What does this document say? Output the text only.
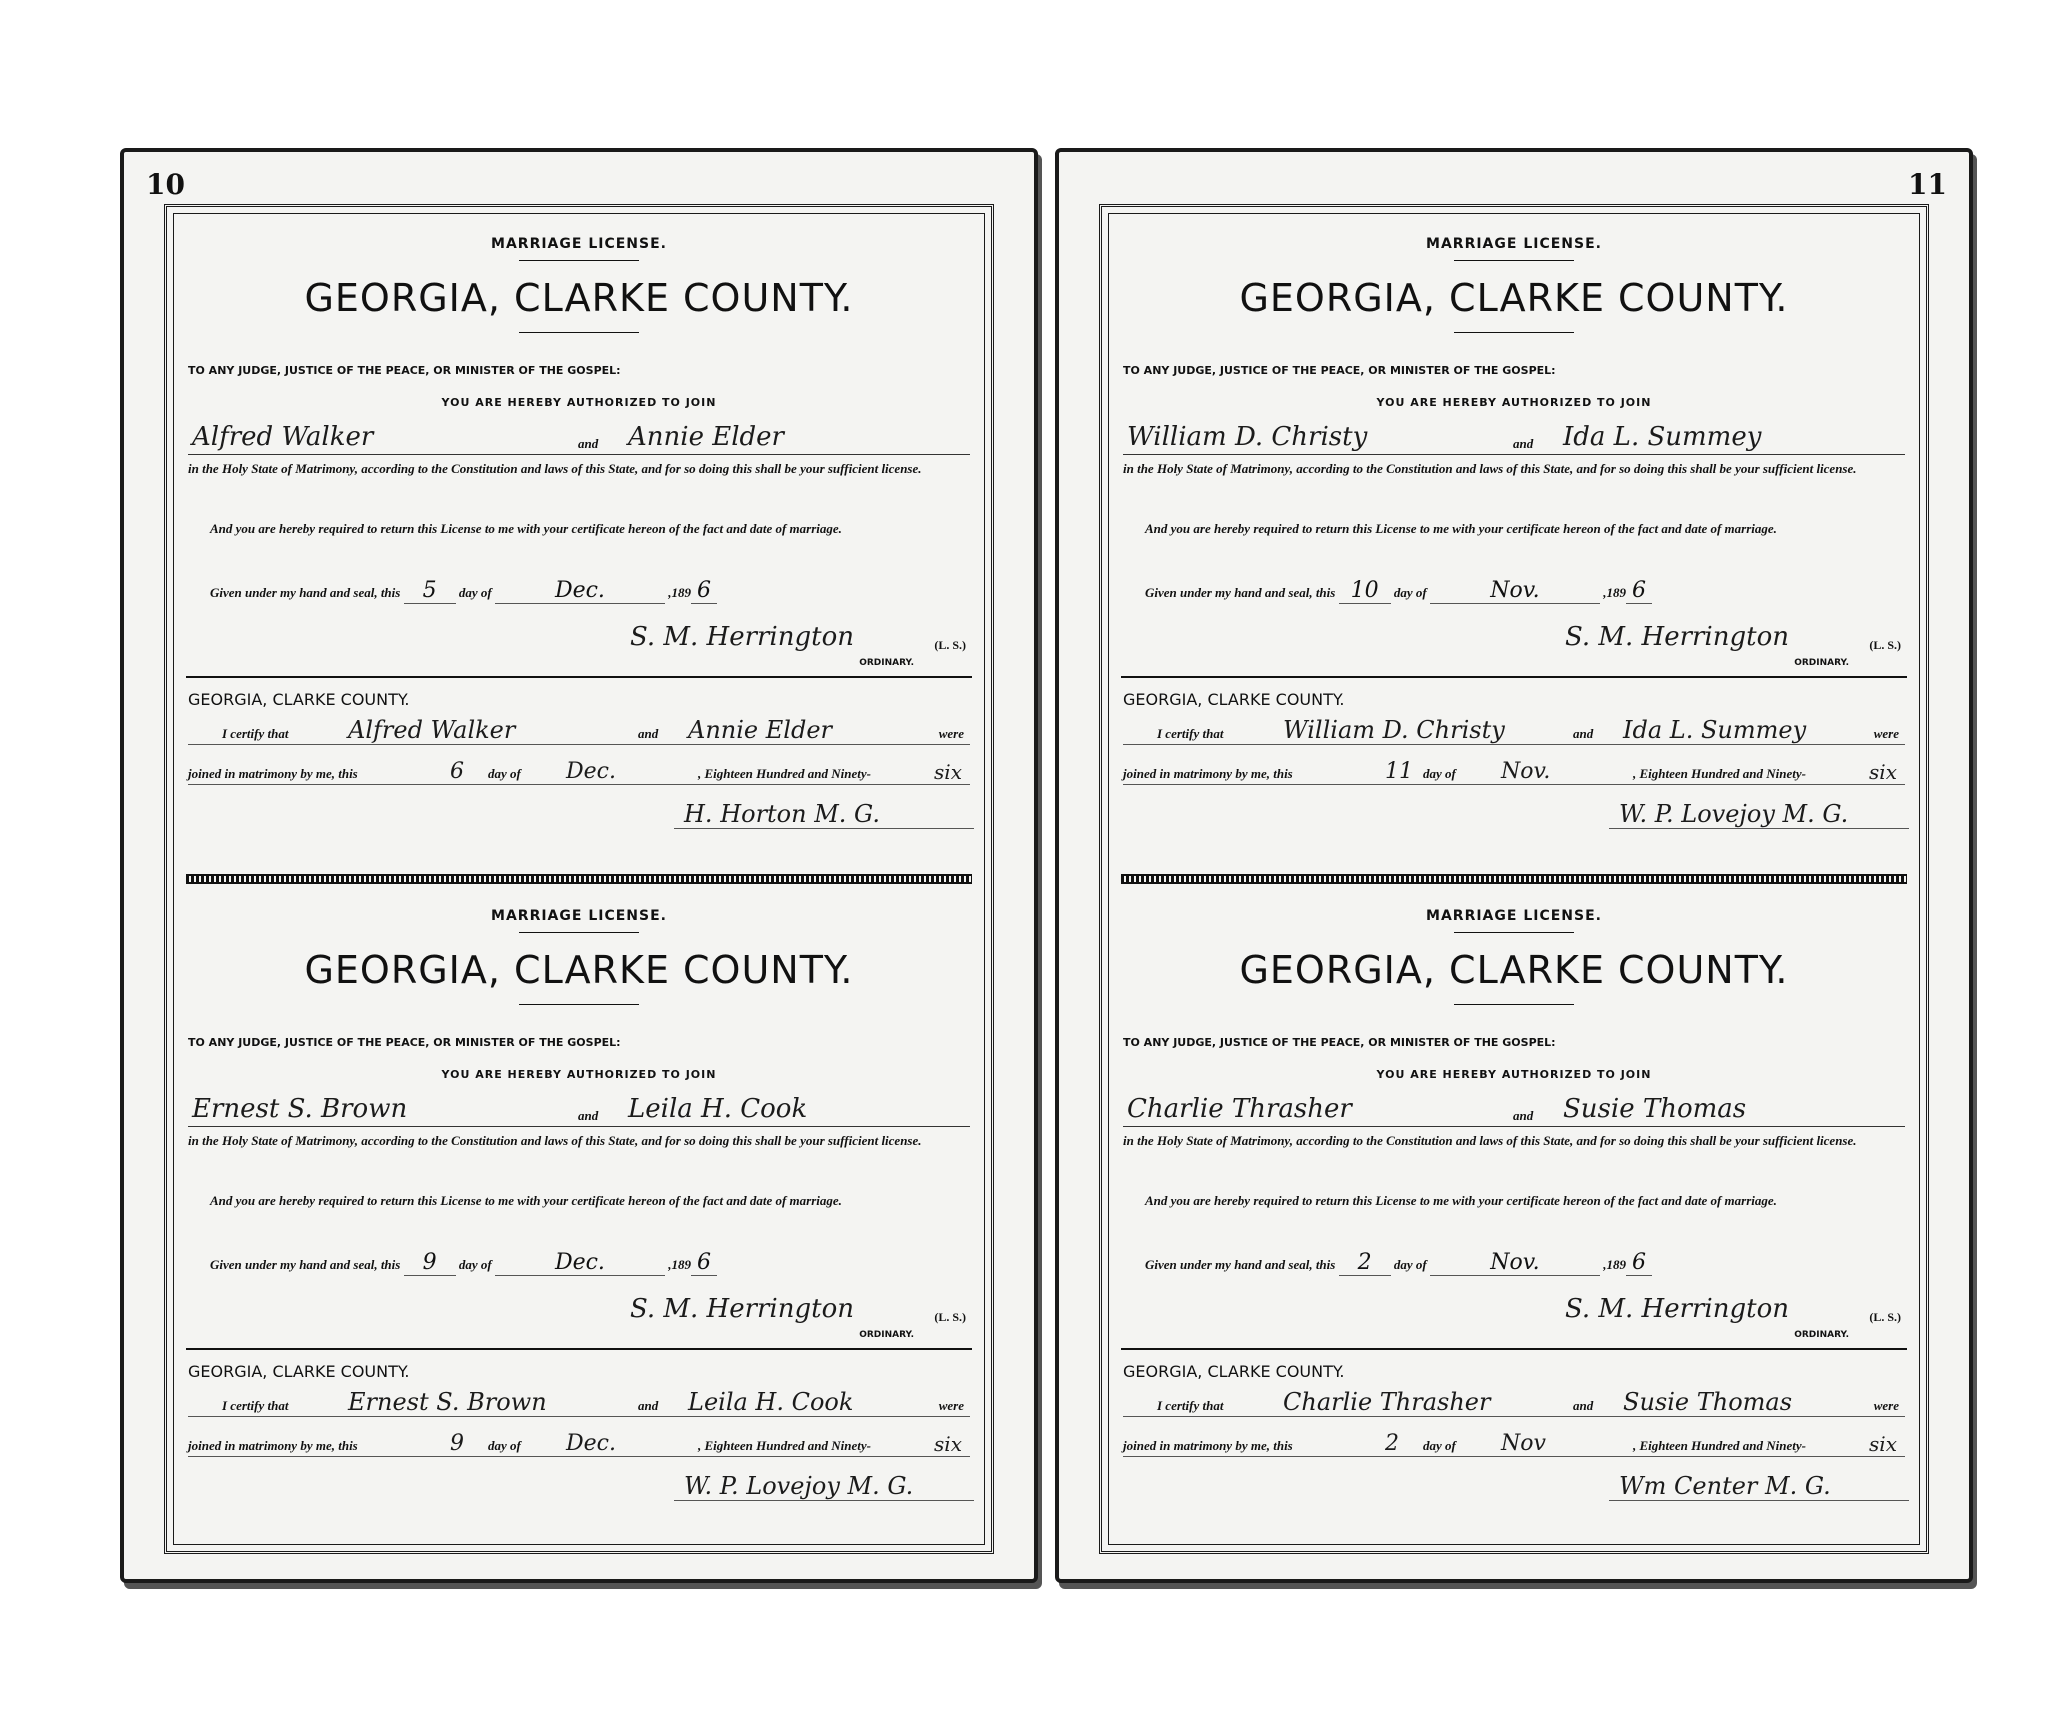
10
MARRIAGE LICENSE.
GEORGIA, CLARKE COUNTY.
TO ANY JUDGE, JUSTICE OF THE PEACE, OR MINISTER OF THE GOSPEL:
YOU ARE HEREBY AUTHORIZED TO JOIN
Alfred Walker	and Annie Elder
in the Holy State of Matrimony, according to the Constitution and laws of this State, and for so doing this shall be your sufficient license.
And you are hereby required to return this License to me with your certificate hereon of the fact and date of marriage.
Given under my hand and seal, this 5 day of	Dec.	,189 6
S. M. Herrington	(L. S.)
ORDINARY.
GEORGIA, CLARKE COUNTY.
I certify that Alfred Walker	and Annie Elder	were
joined in matrimony by me, this	6 day of Dec.	, Eighteen Hundred and Ninety-	six
H. Horton M. G.
MARRIAGE LICENSE.
GEORGIA, CLARKE COUNTY.
TO ANY JUDGE, JUSTICE OF THE PEACE, OR MINISTER OF THE GOSPEL:
YOU ARE HEREBY AUTHORIZED TO JOIN
Ernest S. Brown	and Leila H. Cook
in the Holy State of Matrimony, according to the Constitution and laws of this State, and for so doing this shall be your sufficient license.
And you are hereby required to return this License to me with your certificate hereon of the fact and date of marriage.
Given under my hand and seal, this 9 day of	Dec.	,189 6
S. M. Herrington	(L. S.)
ORDINARY.
GEORGIA, CLARKE COUNTY.
I certify that Ernest S. Brown	and Leila H. Cook	were
joined in matrimony by me, this	9 day of Dec.	, Eighteen Hundred and Ninety-	six
W. P. Lovejoy M. G.
11
MARRIAGE LICENSE.
GEORGIA, CLARKE COUNTY.
TO ANY JUDGE, JUSTICE OF THE PEACE, OR MINISTER OF THE GOSPEL:
YOU ARE HEREBY AUTHORIZED TO JOIN
William D. Christy	and Ida L. Summey
in the Holy State of Matrimony, according to the Constitution and laws of this State, and for so doing this shall be your sufficient license.
And you are hereby required to return this License to me with your certificate hereon of the fact and date of marriage.
Given under my hand and seal, this 10 day of	Nov.	,189 6
S. M. Herrington	(L. S.)
ORDINARY.
GEORGIA, CLARKE COUNTY.
I certify that William D. Christy	and Ida L. Summey	were
joined in matrimony by me, this	11 day of Nov.	, Eighteen Hundred and Ninety-	six
W. P. Lovejoy M. G.
MARRIAGE LICENSE.
GEORGIA, CLARKE COUNTY.
TO ANY JUDGE, JUSTICE OF THE PEACE, OR MINISTER OF THE GOSPEL:
YOU ARE HEREBY AUTHORIZED TO JOIN
Charlie Thrasher	and Susie Thomas
in the Holy State of Matrimony, according to the Constitution and laws of this State, and for so doing this shall be your sufficient license.
And you are hereby required to return this License to me with your certificate hereon of the fact and date of marriage.
Given under my hand and seal, this 2 day of	Nov.	,189 6
S. M. Herrington	(L. S.)
ORDINARY.
GEORGIA, CLARKE COUNTY.
I certify that Charlie Thrasher	and Susie Thomas	were
joined in matrimony by me, this	2 day of Nov	, Eighteen Hundred and Ninety-	six
Wm Center M. G.
